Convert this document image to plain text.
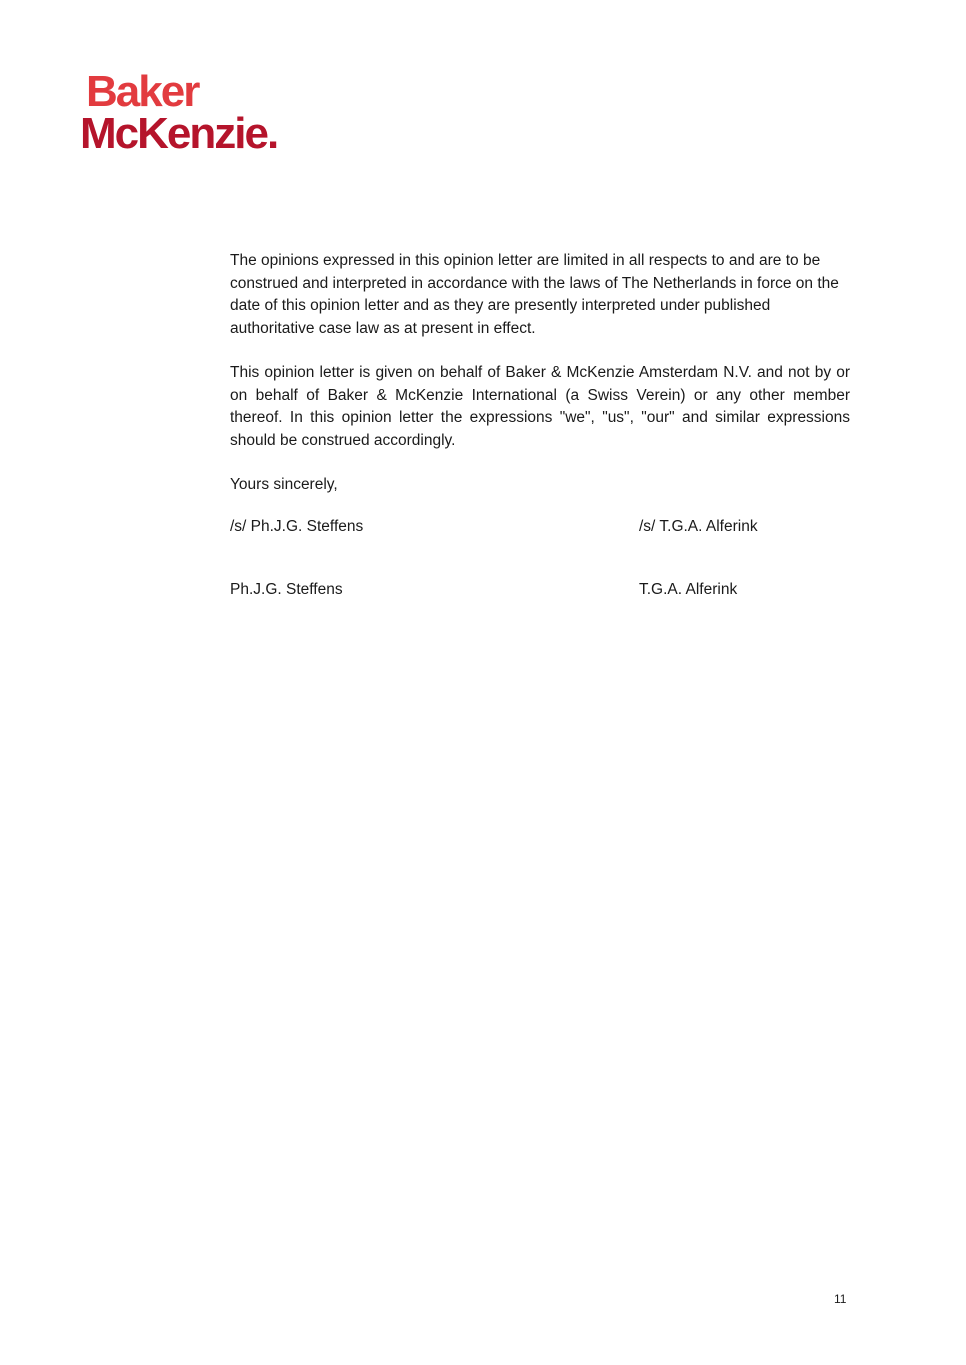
Baker
McKenzie.

The opinions expressed in this opinion letter are limited in all respects to and are to be construed and interpreted in accordance with the laws of The Netherlands in force on the date of this opinion letter and as they are presently interpreted under published authoritative case law as at present in effect.

This opinion letter is given on behalf of Baker & McKenzie Amsterdam N.V. and not by or on behalf of Baker & McKenzie International (a Swiss Verein) or any other member thereof. In this opinion letter the expressions "we", "us", "our" and similar expressions should be construed accordingly.

Yours sincerely,

/s/ Ph.J.G. Steffens	/s/ T.G.A. Alferink
Ph.J.G. Steffens	T.G.A. Alferink
11
